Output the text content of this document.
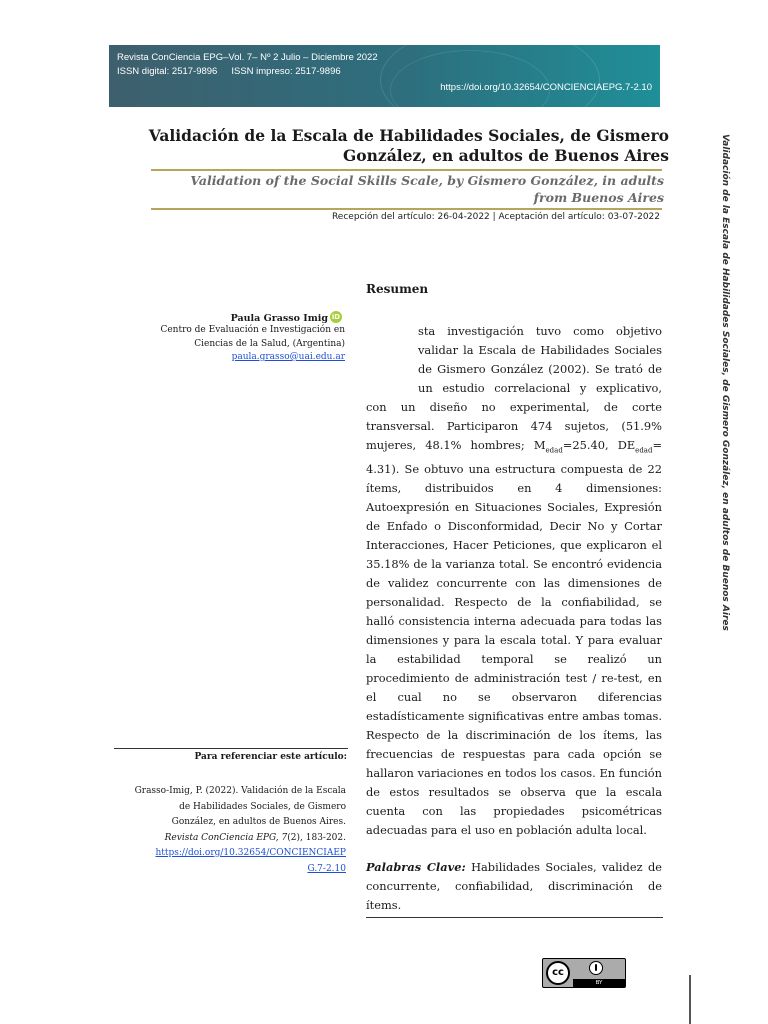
Revista ConCiencia EPG–Vol. 7– Nº 2 Julio – Diciembre 2022
ISSN digital: 2517-9896 ISSN impreso: 2517-9896
https://doi.org/10.32654/CONCIENCIAEPG.7-2.10
Validación de la Escala de Habilidades Sociales, de Gismero
González, en adultos de Buenos Aires
Validation of the Social Skills Scale, by Gismero González, in adults
from Buenos Aires
Recepción del artículo: 26-04-2022 | Aceptación del artículo: 03-07-2022	Validación de la Escala de Habilidades Sociales, de Gismero González, en adultos de Buenos Aires
Paula Grasso Imig iD
Centro de Evaluación e Investigación en
Ciencias de la Salud, (Argentina)
paula.grasso@uai.edu.ar
Para referenciar este artículo:
Grasso-Imig, P. (2022). Validación de la Escala
de Habilidades Sociales, de Gismero
González, en adultos de Buenos Aires.
Revista ConCiencia EPG, 7(2), 183-202.
https://doi.org/10.32654/CONCIENCIAEP
G.7-2.10
Resumen
sta investigación tuvo como objetivo validar la Escala de Habilidades Sociales de Gismero González (2002). Se trató de un estudio correlacional y explicativo, con un diseño no experimental, de corte transversal. Participaron 474 sujetos, (51.9% mujeres, 48.1% hombres; $M_{edad}=25.40$, $DE_{edad}= 4.31$). Se obtuvo una estructura compuesta de 22 ítems, distribuidos en 4 dimensiones: Autoexpresión en Situaciones Sociales, Expresión de Enfado o Disconformidad, Decir No y Cortar Interacciones, Hacer Peticiones, que explicaron el 35.18% de la varianza total. Se encontró evidencia de validez concurrente con las dimensiones de personalidad. Respecto de la confiabilidad, se halló consistencia interna adecuada para todas las dimensiones y para la escala total. Y para evaluar la estabilidad temporal se realizó un procedimiento de administración test / re-test, en el cual no se observaron diferencias estadísticamente significativas entre ambas tomas. Respecto de la discriminación de los ítems, las frecuencias de respuestas para cada opción se hallaron variaciones en todos los casos. En función de estos resultados se observa que la escala cuenta con las propiedades psicométricas adecuadas para el uso en población adulta local.
Palabras Clave: Habilidades Sociales, validez de concurrente, confiabilidad, discriminación de ítems.
cc
BY
